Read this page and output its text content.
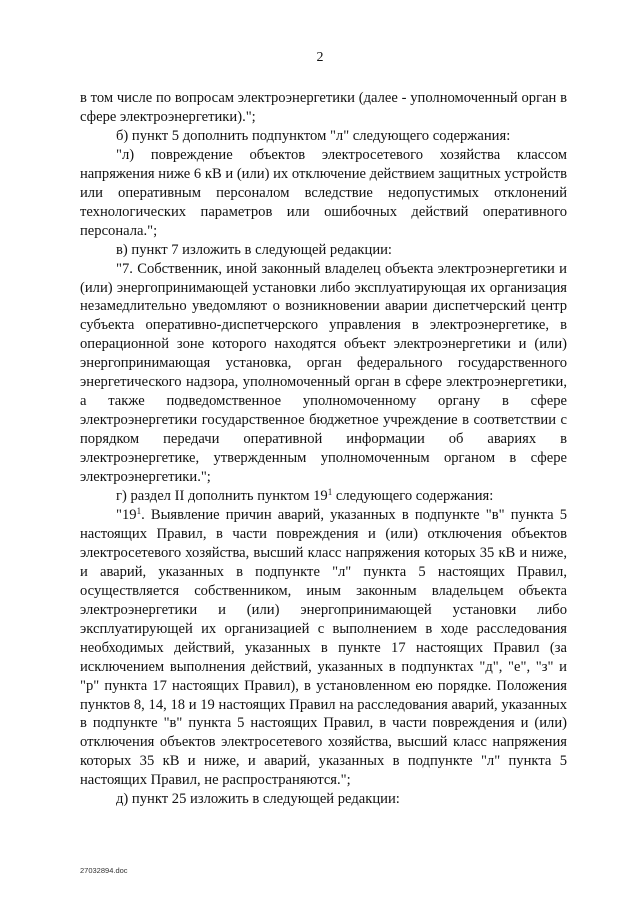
2

в том числе по вопросам электроэнергетики (далее - уполномоченный орган в сфере электроэнергетики).";

б) пункт 5 дополнить подпунктом "л" следующего содержания:

"л) повреждение объектов электросетевого хозяйства классом напряжения ниже 6 кВ и (или) их отключение действием защитных устройств или оперативным персоналом вследствие недопустимых отклонений технологических параметров или ошибочных действий оперативного персонала.";

в) пункт 7 изложить в следующей редакции:

"7. Собственник, иной законный владелец объекта электроэнергетики и (или) энергопринимающей установки либо эксплуатирующая их организация незамедлительно уведомляют о возникновении аварии диспетчерский центр субъекта оперативно-диспетчерского управления в электроэнергетике, в операционной зоне которого находятся объект электроэнергетики и (или) энергопринимающая установка, орган федерального государственного энергетического надзора, уполномоченный орган в сфере электроэнергетики, а также подведомственное уполномоченному органу в сфере электроэнергетики государственное бюджетное учреждение в соответствии с порядком передачи оперативной информации об авариях в электроэнергетике, утвержденным уполномоченным органом в сфере электроэнергетики.";

г) раздел II дополнить пунктом $19^1$ следующего содержания:

"$19^1$. Выявление причин аварий, указанных в подпункте "в" пункта 5 настоящих Правил, в части повреждения и (или) отключения объектов электросетевого хозяйства, высший класс напряжения которых 35 кВ и ниже, и аварий, указанных в подпункте "л" пункта 5 настоящих Правил, осуществляется собственником, иным законным владельцем объекта электроэнергетики и (или) энергопринимающей установки либо эксплуатирующей их организацией с выполнением в ходе расследования необходимых действий, указанных в пункте 17 настоящих Правил (за исключением выполнения действий, указанных в подпунктах "д", "е", "з" и "р" пункта 17 настоящих Правил), в установленном ею порядке. Положения пунктов 8, 14, 18 и 19 настоящих Правил на расследования аварий, указанных в подпункте "в" пункта 5 настоящих Правил, в части повреждения и (или) отключения объектов электросетевого хозяйства, высший класс напряжения которых 35 кВ и ниже, и аварий, указанных в подпункте "л" пункта 5 настоящих Правил, не распространяются.";

д) пункт 25 изложить в следующей редакции:

27032894.doc
